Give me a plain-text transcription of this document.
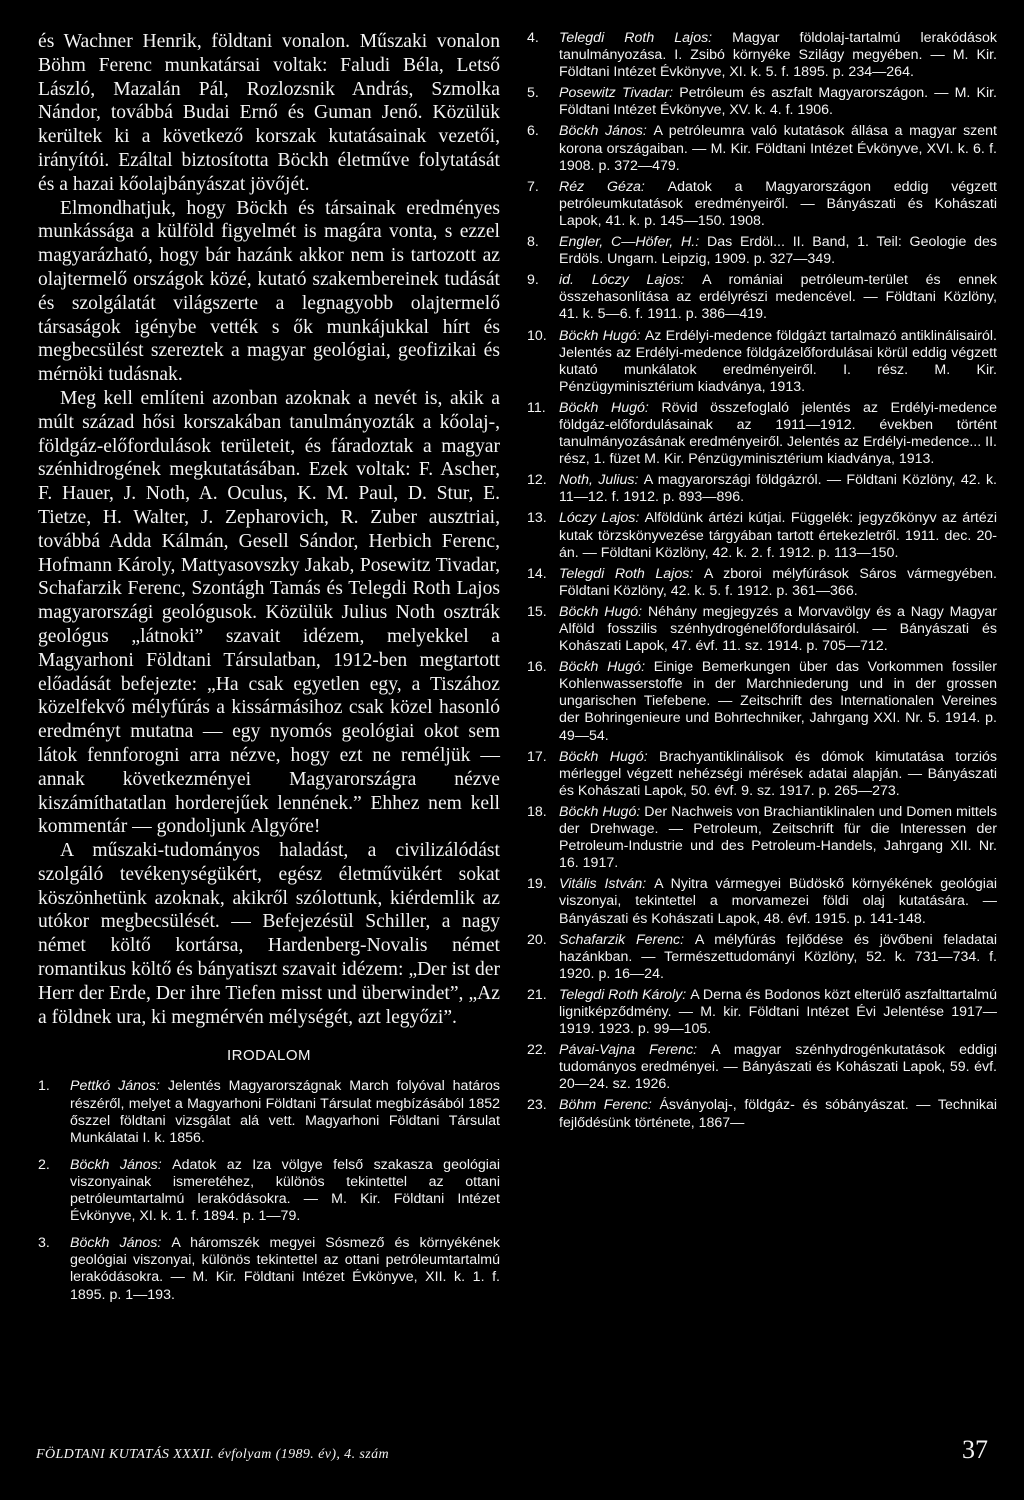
és Wachner Henrik, földtani vonalon. Műszaki vonalon Böhm Ferenc munkatársai voltak: Faludi Béla, Letső László, Mazalán Pál, Rozlozsnik András, Szmolka Nándor, továbbá Budai Ernő és Guman Jenő. Közülük kerültek ki a következő korszak kutatásainak vezetői, irányítói. Ezáltal biztosította Böckh életműve folytatását és a hazai kőolajbányászat jövőjét.

Elmondhatjuk, hogy Böckh és társainak eredményes munkássága a külföld figyelmét is magára vonta, s ezzel magyarázható, hogy bár hazánk akkor nem is tartozott az olajtermelő országok közé, kutató szakembereinek tudását és szolgálatát világszerte a legnagyobb olajtermelő társaságok igénybe vették s ők munkájukkal hírt és megbecsülést szereztek a magyar geológiai, geofizikai és mérnöki tudásnak.

Meg kell említeni azonban azoknak a nevét is, akik a múlt század hősi korszakában tanulmányozták a kőolaj-, földgáz-előfordulások területeit, és fáradoztak a magyar szénhidrogének megkutatásában. Ezek voltak: F. Ascher, F. Hauer, J. Noth, A. Oculus, K. M. Paul, D. Stur, E. Tietze, H. Walter, J. Zepharovich, R. Zuber ausztriai, továbbá Adda Kálmán, Gesell Sándor, Herbich Ferenc, Hofmann Károly, Mattyasovszky Jakab, Posewitz Tivadar, Schafarzik Ferenc, Szontágh Tamás és Telegdi Roth Lajos magyarországi geológusok. Közülük Julius Noth osztrák geológus „látnoki” szavait idézem, melyekkel a Magyarhoni Földtani Társulatban, 1912-ben megtartott előadását befejezte: „Ha csak egyetlen egy, a Tiszához közelfekvő mélyfúrás a kissármásihoz csak közel hasonló eredményt mutatna — egy nyomós geológiai okot sem látok fennforogni arra nézve, hogy ezt ne reméljük — annak következményei Magyarországra nézve kiszámíthatatlan horderejűek lennének.” Ehhez nem kell kommentár — gondoljunk Algyőre!

A műszaki-tudományos haladást, a civilizálódást szolgáló tevékenységükért, egész életművükért sokat köszönhetünk azoknak, akikről szólottunk, kiérdemlik az utókor megbecsülését. — Befejezésül Schiller, a nagy német költő kortársa, Hardenberg-Novalis német romantikus költő és bányatiszt szavait idézem: „Der ist der Herr der Erde, Der ihre Tiefen misst und überwindet”, „Az a földnek ura, ki megmérvén mélységét, azt legyőzi”.

IRODALOM
1.	Pettkó János: Jelentés Magyarországnak March folyóval határos részéről, melyet a Magyarhoni Földtani Társulat megbízásából 1852 őszzel földtani vizsgálat alá vett. Magyarhoni Földtani Társulat Munkálatai I. k. 1856.
2.	Böckh János: Adatok az Iza völgye felső szakasza geológiai viszonyainak ismeretéhez, különös tekintettel az ottani petróleumtartalmú lerakódásokra. — M. Kir. Földtani Intézet Évkönyve, XI. k. 1. f. 1894. p. 1—79.
3.	Böckh János: A háromszék megyei Sósmező és környékének geológiai viszonyai, különös tekintettel az ottani petróleumtartalmú lerakódásokra. — M. Kir. Földtani Intézet Évkönyve, XII. k. 1. f. 1895. p. 1—193.
4.	Telegdi Roth Lajos: Magyar földolaj-tartalmú lerakódások tanulmányozása. I. Zsibó környéke Szilágy megyében. — M. Kir. Földtani Intézet Évkönyve, XI. k. 5. f. 1895. p. 234—264.
5.	Posewitz Tivadar: Petróleum és aszfalt Magyarországon. — M. Kir. Földtani Intézet Évkönyve, XV. k. 4. f. 1906.
6.	Böckh János: A petróleumra való kutatások állása a magyar szent korona országaiban. — M. Kir. Földtani Intézet Évkönyve, XVI. k. 6. f. 1908. p. 372—479.
7.	Réz Géza: Adatok a Magyarországon eddig végzett petróleumkutatások eredményeiről. — Bányászati és Kohászati Lapok, 41. k. p. 145—150. 1908.
8.	Engler, C—Höfer, H.: Das Erdöl... II. Band, 1. Teil: Geologie des Erdöls. Ungarn. Leipzig, 1909. p. 327—349.
9.	id. Lóczy Lajos: A romániai petróleum-terület és ennek összehasonlítása az erdélyrészi medencével. — Földtani Közlöny, 41. k. 5—6. f. 1911. p. 386—419.
10. Böckh Hugó: Az Erdélyi-medence földgázt tartalmazó antiklinálisairól. Jelentés az Erdélyi-medence földgázelőfordulásai körül eddig végzett kutató munkálatok eredményeiről. I. rész. M. Kir. Pénzügyminisztérium kiadványa, 1913.
11. Böckh Hugó: Rövid összefoglaló jelentés az Erdélyi-medence földgáz-előfordulásainak az 1911—1912. években történt tanulmányozásának eredményeiről. Jelentés az Erdélyi-medence... II. rész, 1. füzet M. Kir. Pénzügyminisztérium kiadványa, 1913.
12. Noth, Julius: A magyarországi földgázról. — Földtani Közlöny, 42. k. 11—12. f. 1912. p. 893—896.
13. Lóczy Lajos: Alföldünk ártézi kútjai. Függelék: jegyzőkönyv az ártézi kutak törzskönyvezése tárgyában tartott értekezletről. 1911. dec. 20-án. — Földtani Közlöny, 42. k. 2. f. 1912. p. 113—150.
14. Telegdi Roth Lajos: A zboroi mélyfúrások Sáros vármegyében. Földtani Közlöny, 42. k. 5. f. 1912. p. 361—366.
15. Böckh Hugó: Néhány megjegyzés a Morvavölgy és a Nagy Magyar Alföld fosszilis szénhydrogénelőfordulásairól. — Bányászati és Kohászati Lapok, 47. évf. 11. sz. 1914. p. 705—712.
16. Böckh Hugó: Einige Bemerkungen über das Vorkommen fossiler Kohlenwasserstoffe in der Marchniederung und in der grossen ungarischen Tiefebene. — Zeitschrift des Internationalen Vereines der Bohringenieure und Bohrtechniker, Jahrgang XXI. Nr. 5. 1914. p. 49—54.
17. Böckh Hugó: Brachyantiklinálisok és dómok kimutatása torziós mérleggel végzett nehézségi mérések adatai alapján. — Bányászati és Kohászati Lapok, 50. évf. 9. sz. 1917. p. 265—273.
18. Böckh Hugó: Der Nachweis von Brachiantiklinalen und Domen mittels der Drehwage. — Petroleum, Zeitschrift für die Interessen der Petroleum-Industrie und des Petroleum-Handels, Jahrgang XII. Nr. 16. 1917.
19. Vitális István: A Nyitra vármegyei Büdöskő környékének geológiai viszonyai, tekintettel a morvamezei földi olaj kutatására. — Bányászati és Kohászati Lapok, 48. évf. 1915. p. 141-148.
20. Schafarzik Ferenc: A mélyfúrás fejlődése és jövőbeni feladatai hazánkban. — Természettudományi Közlöny, 52. k. 731—734. f. 1920. p. 16—24.
21. Telegdi Roth Károly: A Derna és Bodonos közt elterülő aszfalttartalmú lignitképződmény. — M. kir. Földtani Intézet Évi Jelentése 1917—1919. 1923. p. 99—105.
22. Pávai-Vajna Ferenc: A magyar szénhydrogénkutatások eddigi tudományos eredményei. — Bányászati és Kohászati Lapok, 59. évf. 20—24. sz. 1926.
23. Böhm Ferenc: Ásványolaj-, földgáz- és sóbányászat. — Technikai fejlődésünk története, 1867—
FÖLDTANI KUTATÁS XXXII. évfolyam (1989. év), 4. szám	37
